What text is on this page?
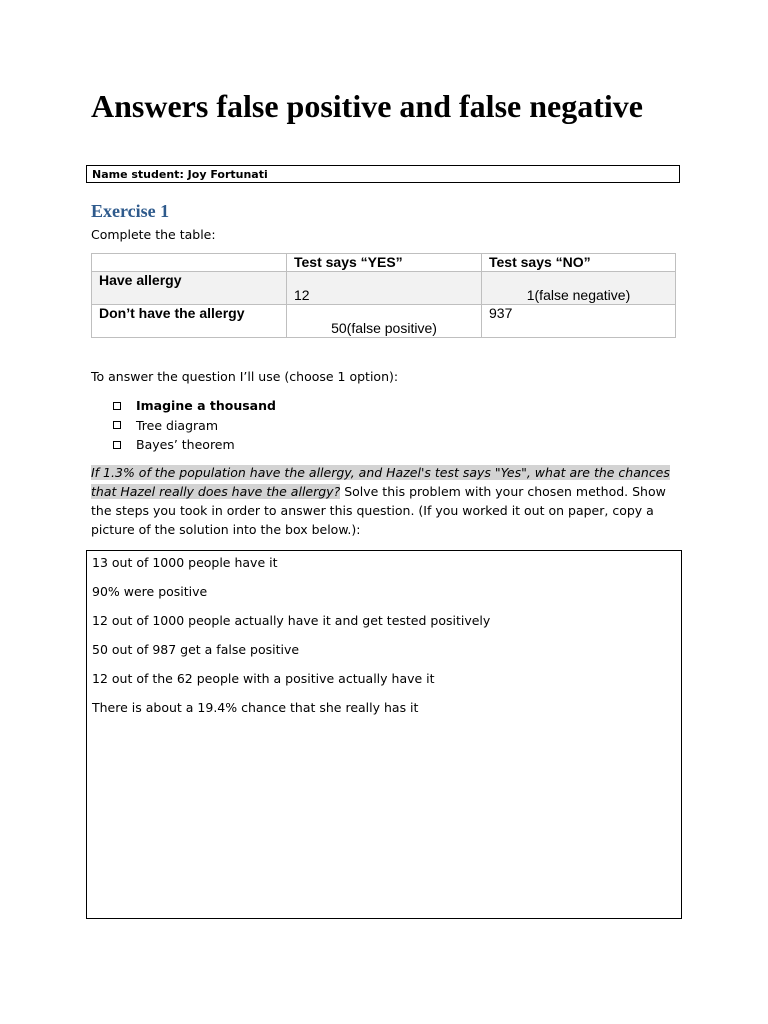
Answers false positive and false negative
Name student: Joy Fortunati
Exercise 1
Complete the table:
	Test says “YES”	Test says “NO”

Have allergy	12	1(false negative)

Don’t have the allergy	50(false positive)	937
To answer the question I’ll use (choose 1 option):
Imagine a thousand
Tree diagram
Bayes’ theorem
If 1.3% of the population have the allergy, and Hazel's test says "Yes", what are the chances that Hazel really does have the allergy? Solve this problem with your chosen method. Show the steps you took in order to answer this question. (If you worked it out on paper, copy a picture of the solution into the box below.):

13 out of 1000 people have it

90% were positive

12 out of 1000 people actually have it and get tested positively

50 out of 987 get a false positive

12 out of the 62 people with a positive actually have it

There is about a 19.4% chance that she really has it
